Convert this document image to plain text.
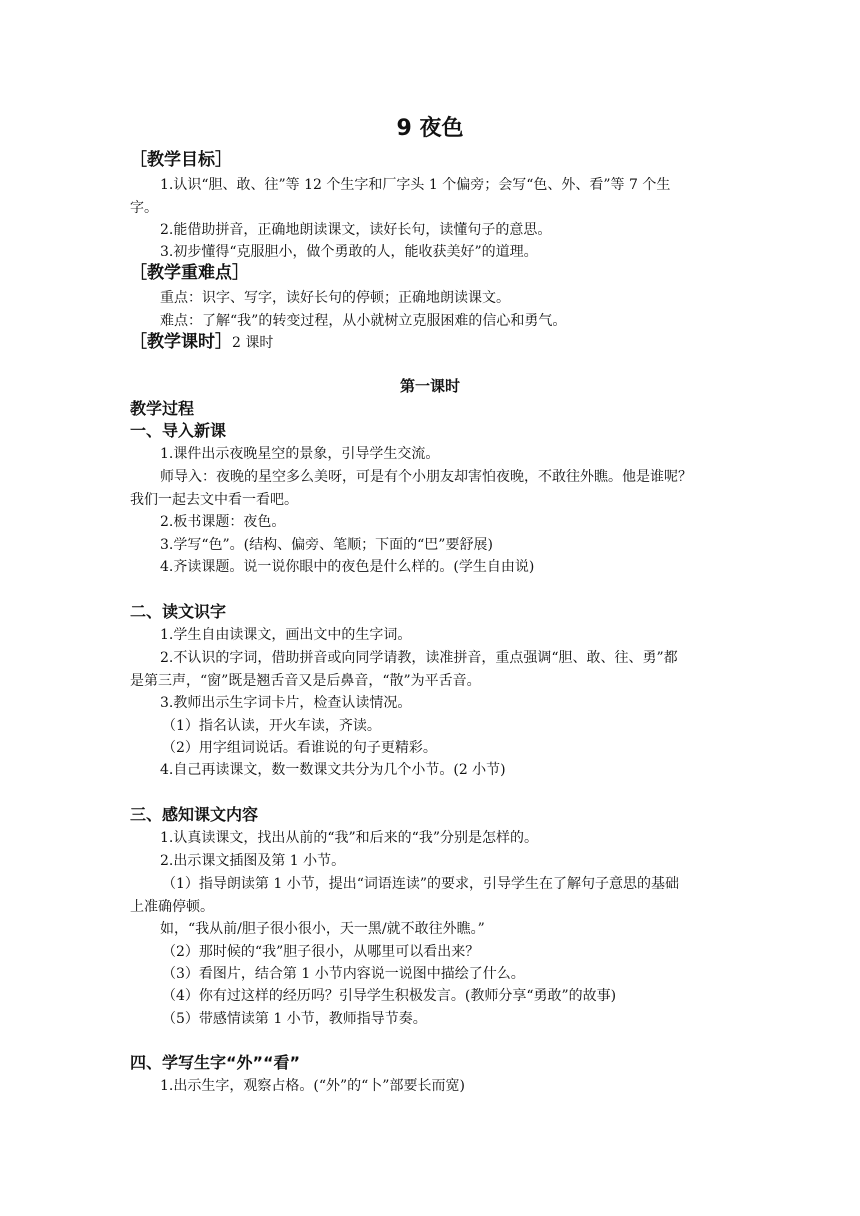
9 夜色
［教学目标］
1.认识“胆、敢、往”等 12 个生字和厂字头 1 个偏旁；会写“色、外、看”等 7 个生
字。
2.能借助拼音，正确地朗读课文，读好长句，读懂句子的意思。
3.初步懂得“克服胆小，做个勇敢的人，能收获美好”的道理。
［教学重难点］
重点：识字、写字，读好长句的停顿；正确地朗读课文。
难点：了解“我”的转变过程，从小就树立克服困难的信心和勇气。
［教学课时］2 课时
第一课时
教学过程
一、导入新课
1.课件出示夜晚星空的景象，引导学生交流。
师导入：夜晚的星空多么美呀，可是有个小朋友却害怕夜晚，不敢往外瞧。他是谁呢？
我们一起去文中看一看吧。
2.板书课题：夜色。
3.学写“色”。(结构、偏旁、笔顺；下面的“巴”要舒展)
4.齐读课题。说一说你眼中的夜色是什么样的。(学生自由说)
二、读文识字
1.学生自由读课文，画出文中的生字词。
2.不认识的字词，借助拼音或向同学请教，读准拼音，重点强调“胆、敢、往、勇”都
是第三声，“窗”既是翘舌音又是后鼻音，“散”为平舌音。
3.教师出示生字词卡片，检查认读情况。
（1）指名认读，开火车读，齐读。
（2）用字组词说话。看谁说的句子更精彩。
4.自己再读课文，数一数课文共分为几个小节。(2 小节)
三、感知课文内容
1.认真读课文，找出从前的“我”和后来的“我”分别是怎样的。
2.出示课文插图及第 1 小节。
（1）指导朗读第 1 小节，提出“词语连读”的要求，引导学生在了解句子意思的基础
上准确停顿。
如，“我从前/胆子很小很小，天一黑/就不敢往外瞧。”
（2）那时候的“我”胆子很小，从哪里可以看出来？
（3）看图片，结合第 1 小节内容说一说图中描绘了什么。
（4）你有过这样的经历吗？引导学生积极发言。(教师分享“勇敢”的故事)
（5）带感情读第 1 小节，教师指导节奏。
四、学写生字“外”“看”
1.出示生字，观察占格。(“外”的“卜”部要长而宽)
